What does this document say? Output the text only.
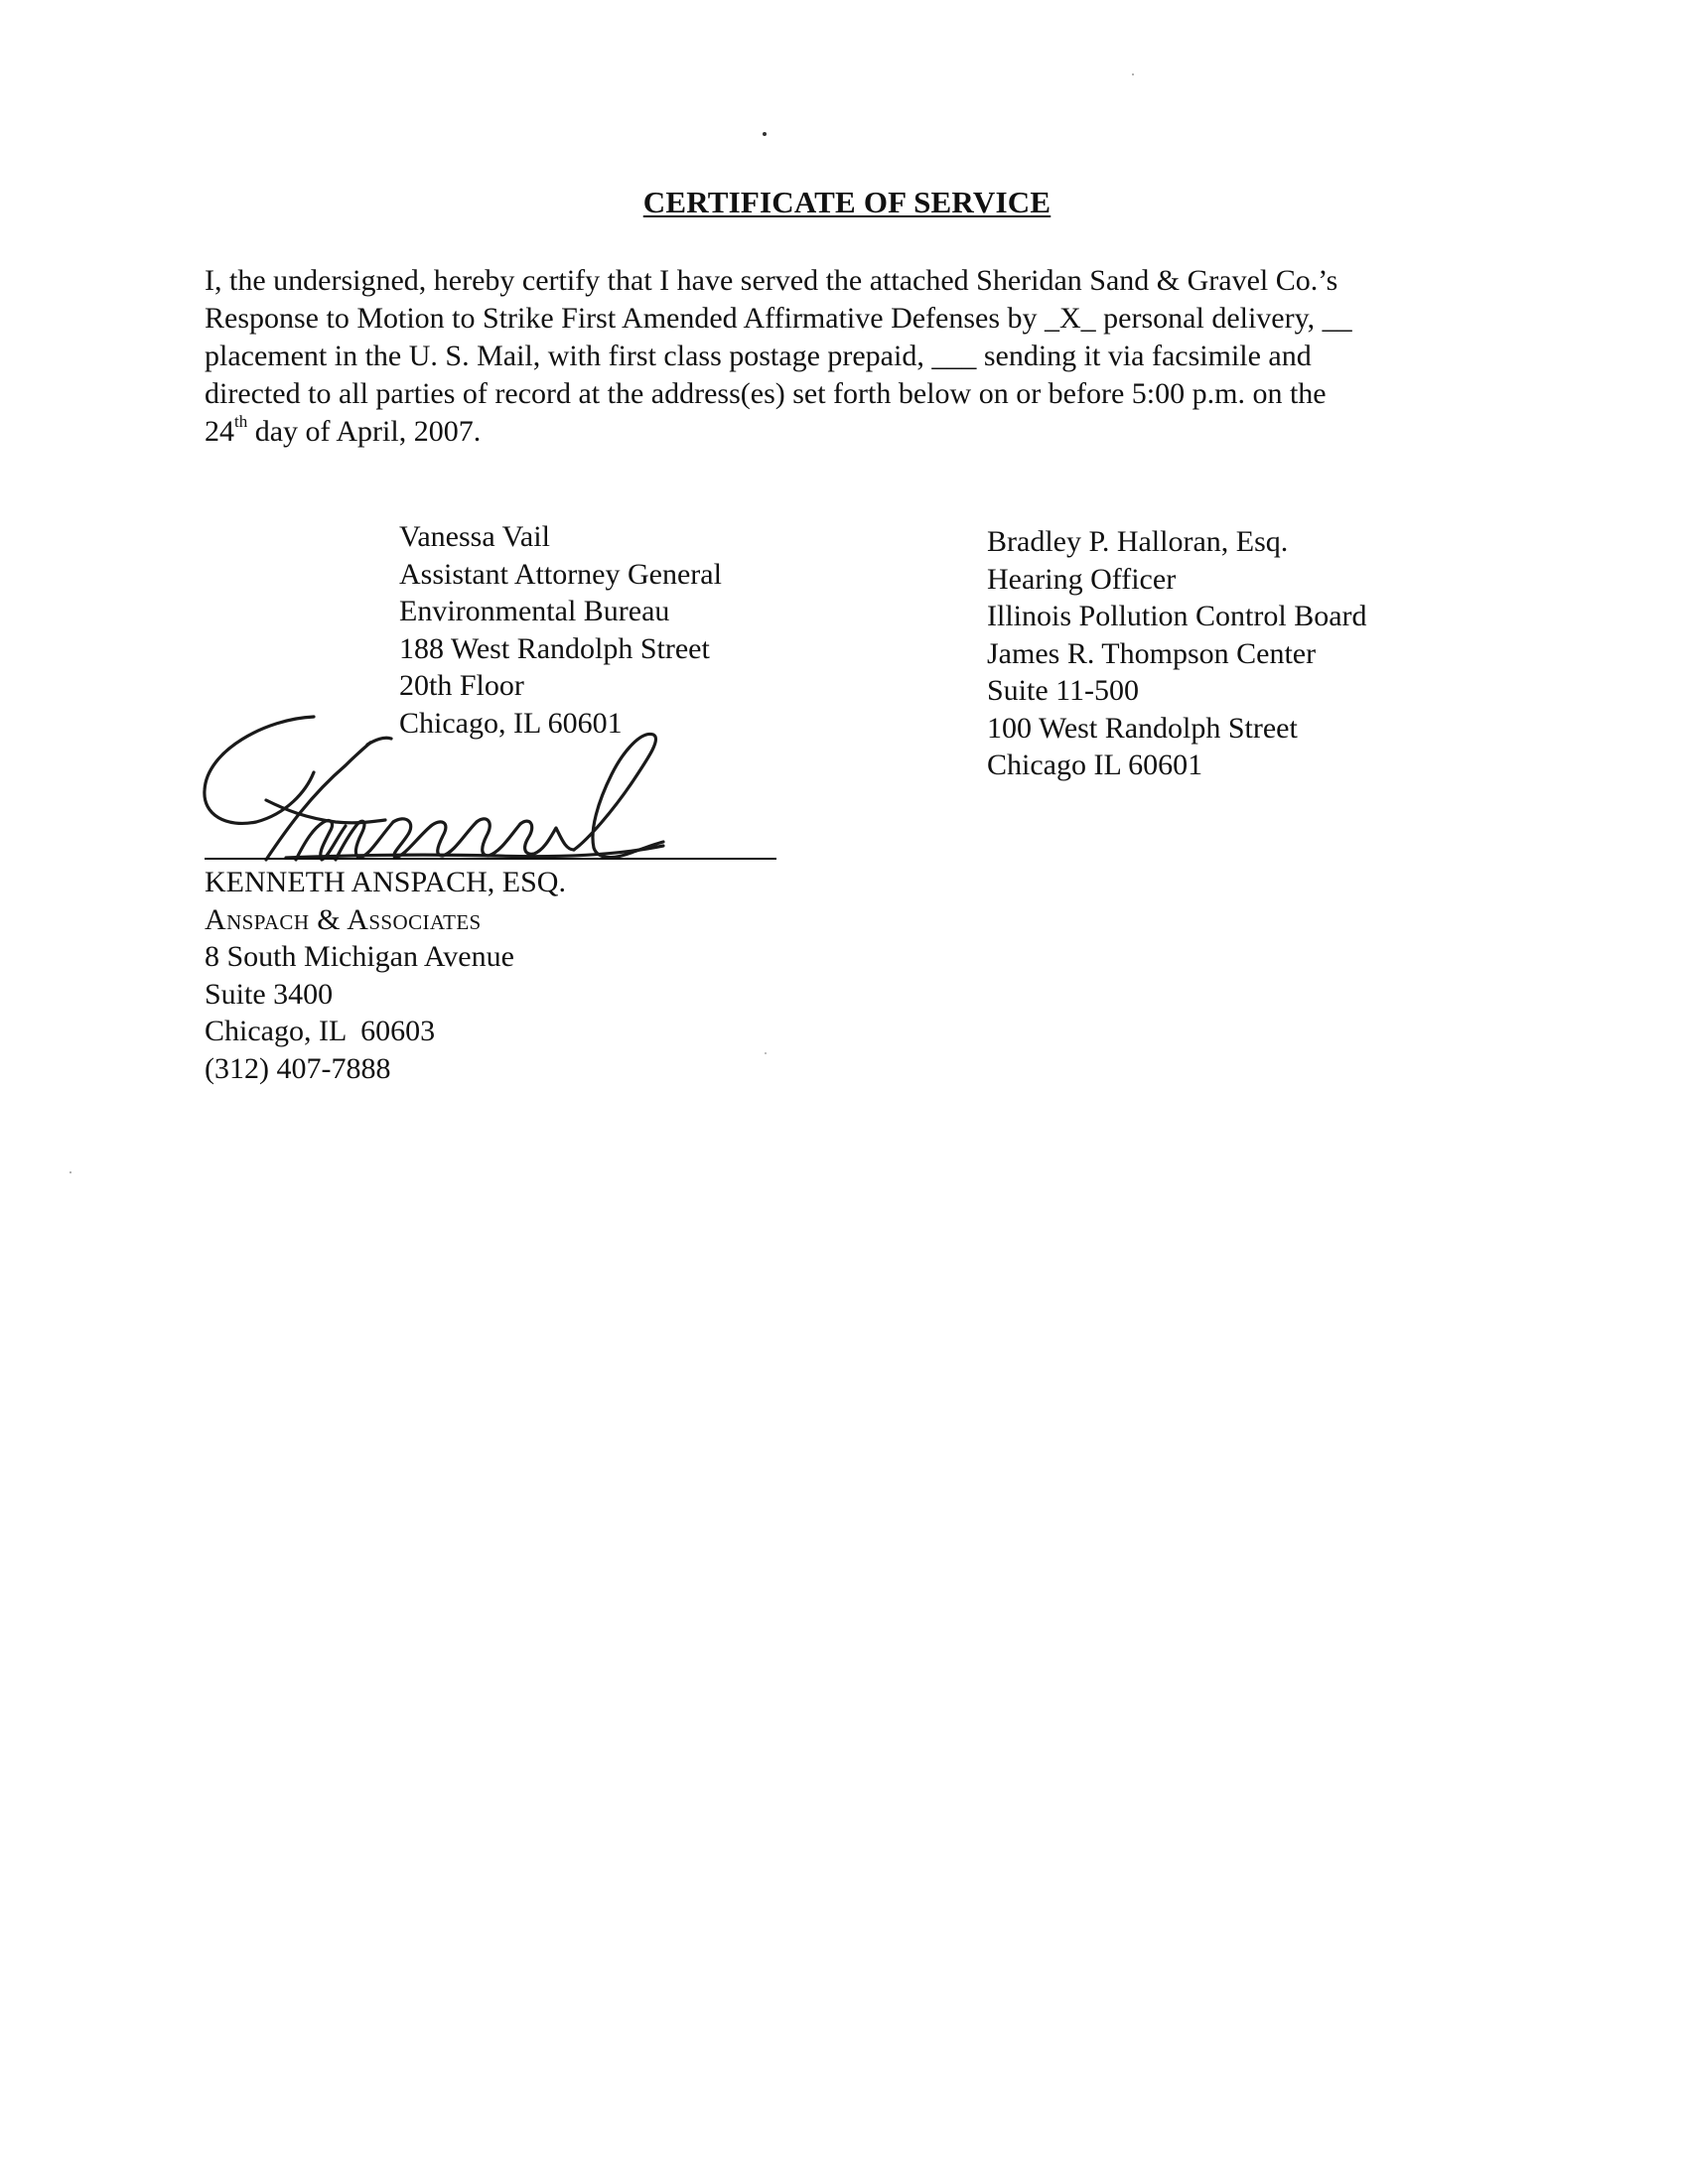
CERTIFICATE OF SERVICE

I, the undersigned, hereby certify that I have served the attached Sheridan Sand & Gravel Co.’s
Response to Motion to Strike First Amended Affirmative Defenses by _X_ personal delivery, __
placement in the U. S. Mail, with first class postage prepaid, ___ sending it via facsimile and
directed to all parties of record at the address(es) set forth below on or before 5:00 p.m. on the
24th day of April, 2007.

Vanessa Vail
Assistant Attorney General
Environmental Bureau
188 West Randolph Street
20th Floor
Chicago, IL 60601
Bradley P. Halloran, Esq.
Hearing Officer
Illinois Pollution Control Board
James R. Thompson Center
Suite 11-500
100 West Randolph Street
Chicago IL 60601
KENNETH ANSPACH, ESQ.
Anspach & Associates
8 South Michigan Avenue
Suite 3400
Chicago, IL  60603
(312) 407-7888
